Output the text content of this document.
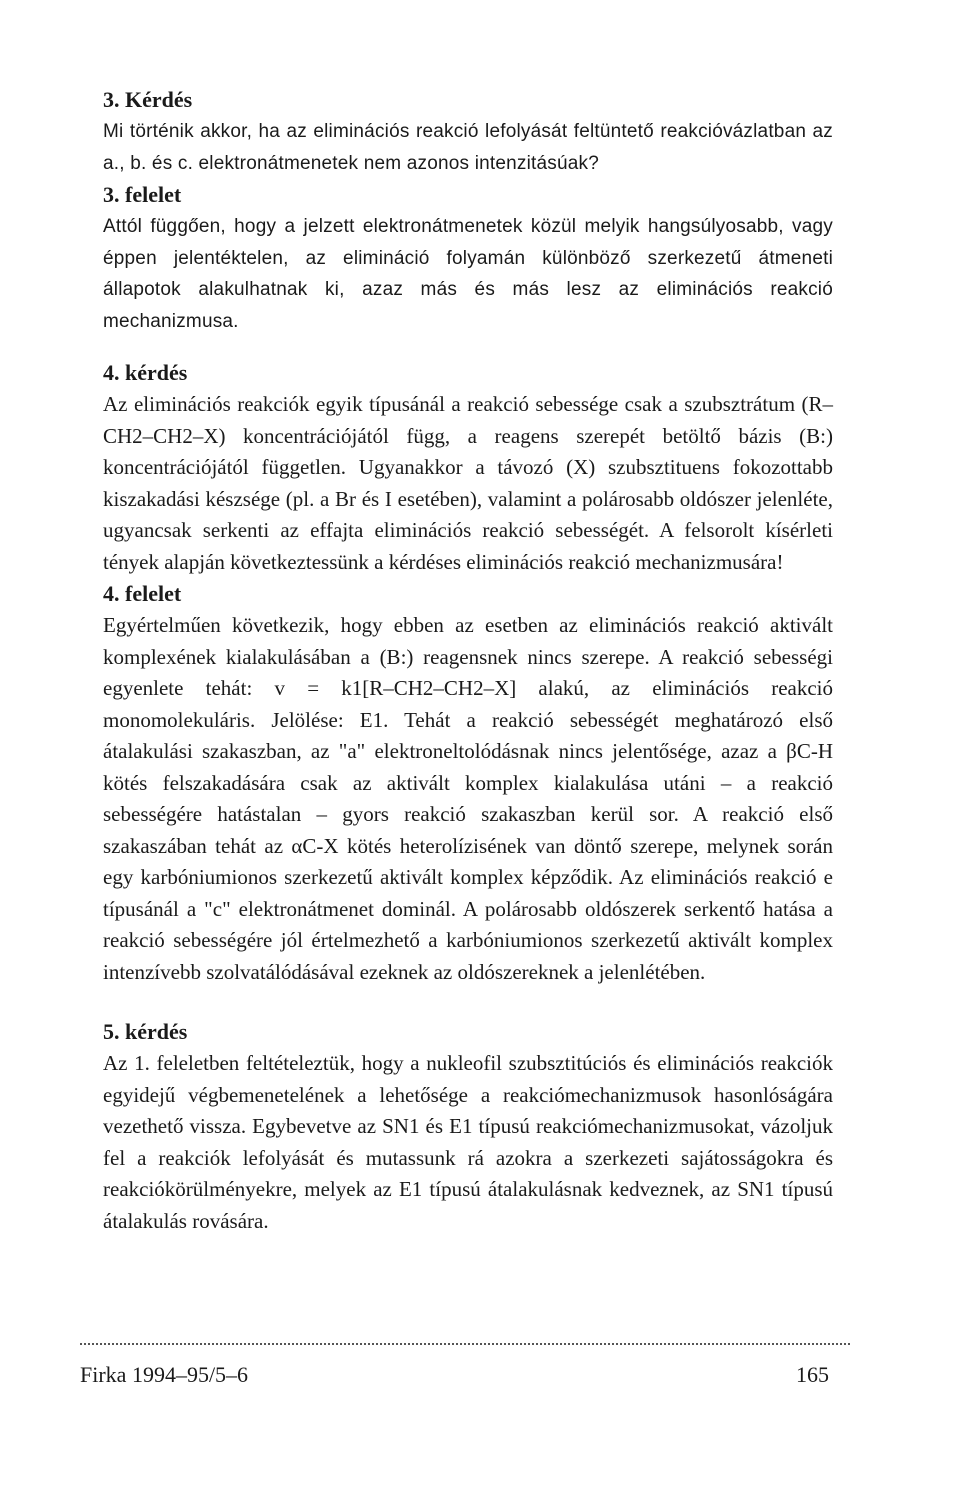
3. Kérdés

Mi történik akkor, ha az eliminációs reakció lefolyását feltüntető reakcióvázlatban az a., b. és c. elektronátmenetek nem azonos intenzitásúak?

3. felelet

Attól függően, hogy a jelzett elektronátmenetek közül melyik hangsúlyosabb, vagy éppen jelentéktelen, az elimináció folyamán különböző szerkezetű átmeneti állapotok alakulhatnak ki, azaz más és más lesz az eliminációs reakció mechanizmusa.

4. kérdés

Az eliminációs reakciók egyik típusánál a reakció sebessége csak a szubsztrátum (R–CH2–CH2–X) koncentrációjától függ, a reagens szerepét betöltő bázis (B:) koncentrációjától független. Ugyanakkor a távozó (X) szubsztituens fokozottabb kiszakadási készsége (pl. a Br és I esetében), valamint a polárosabb oldószer jelenléte, ugyancsak serkenti az effajta eliminációs reakció sebességét. A felsorolt kísérleti tények alapján következtessünk a kérdéses eliminációs reakció mechanizmusára!

4. felelet

Egyértelműen következik, hogy ebben az esetben az eliminációs reakció aktivált komplexének kialakulásában a (B:) reagensnek nincs szerepe. A reakció sebességi egyenlete tehát: v = k1[R–CH2–CH2–X] alakú, az eliminációs reakció monomolekuláris. Jelölése: E1. Tehát a reakció sebességét meghatározó első átalakulási szakaszban, az "a" elektroneltolódásnak nincs jelentősége, azaz a βC-H kötés felszakadására csak az aktivált komplex kialakulása utáni – a reakció sebességére hatástalan – gyors reakció szakaszban kerül sor. A reakció első szakaszában tehát az αC-X kötés heterolízisének van döntő szerepe, melynek során egy karbóniumionos szerkezetű aktivált komplex képződik. Az eliminációs reakció e típusánál a "c" elektronátmenet dominál. A polárosabb oldószerek serkentő hatása a reakció sebességére jól értelmezhető a karbóniumionos szerkezetű aktivált komplex intenzívebb szolvatálódásával ezeknek az oldószereknek a jelenlétében.

5. kérdés

Az 1. feleletben feltételeztük, hogy a nukleofil szubsztitúciós és eliminációs reakciók egyidejű végbemenetelének a lehetősége a reakciómechanizmusok hasonlóságára vezethető vissza. Egybevetve az SN1 és E1 típusú reakciómechanizmusokat, vázoljuk fel a reakciók lefolyását és mutassunk rá azokra a szerkezeti sajátosságokra és reakciókörülményekre, melyek az E1 típusú átalakulásnak kedveznek, az SN1 típusú átalakulás rovására.

Firka 1994–95/5–6	165
